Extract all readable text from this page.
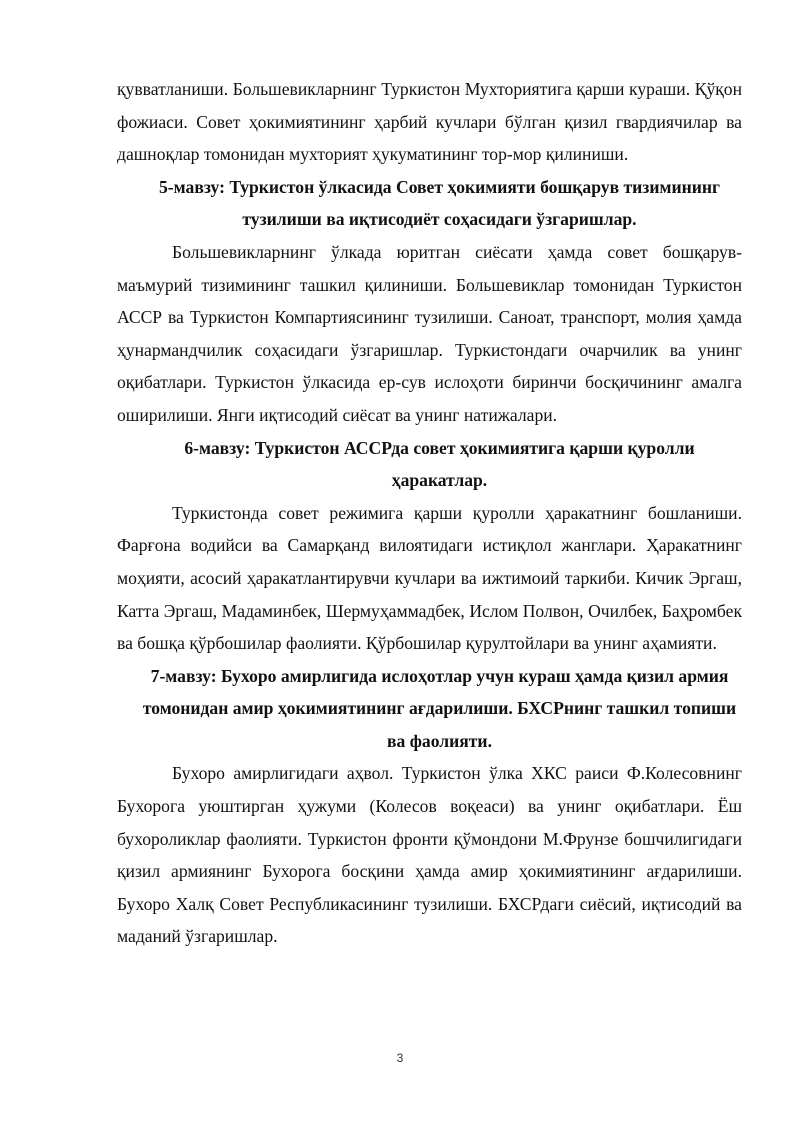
қувватланиши. Большевикларнинг Туркистон Мухториятига қарши кураши. Қўқон фожиаси. Совет ҳокимиятининг ҳарбий кучлари бўлган қизил гвардиячилар ва дашноқлар томонидан мухторият ҳукуматининг тор-мор қилиниши.

5-мавзу: Туркистон ўлкасида Совет ҳокимияти бошқарув тизимининг тузилиши ва иқтисодиёт соҳасидаги ўзгаришлар.

Большевикларнинг ўлкада юритган сиёсати ҳамда совет бошқарув-маъмурий тизимининг ташкил қилиниши. Большевиклар томонидан Туркистон АССР ва Туркистон Компартиясининг тузилиши. Саноат, транспорт, молия ҳамда ҳунармандчилик соҳасидаги ўзгаришлар. Туркистондаги очарчилик ва унинг оқибатлари. Туркистон ўлкасида ер-сув ислоҳоти биринчи босқичининг амалга оширилиши. Янги иқтисодий сиёсат ва унинг натижалари.

6-мавзу: Туркистон АССРда совет ҳокимиятига қарши қуролли ҳаракатлар.

Туркистонда совет режимига қарши қуролли ҳаракатнинг бошланиши. Фарғона водийси ва Самарқанд вилоятидаги истиқлол жанглари. Ҳаракатнинг моҳияти, асосий ҳаракатлантирувчи кучлари ва ижтимоий таркиби. Кичик Эргаш, Катта Эргаш, Мадаминбек, Шермуҳаммадбек, Ислом Полвон, Очилбек, Баҳромбек ва бошқа қўрбошилар фаолияти. Қўрбошилар қурултойлари ва унинг аҳамияти.

7-мавзу: Бухоро амирлигида ислоҳотлар учун кураш ҳамда қизил армия томонидан амир ҳокимиятининг ағдарилиши. БХСРнинг ташкил топиши ва фаолияти.

Бухоро амирлигидаги аҳвол. Туркистон ўлка ХКС раиси Ф.Колесовнинг Бухорога уюштирган ҳужуми (Колесов воқеаси) ва унинг оқибатлари. Ёш бухороликлар фаолияти. Туркистон фронти қўмондони М.Фрунзе бошчилигидаги қизил армиянинг Бухорога босқини ҳамда амир ҳокимиятининг ағдарилиши. Бухоро Халқ Совет Республикасининг тузилиши. БХСРдаги сиёсий, иқтисодий ва маданий ўзгаришлар.

3
